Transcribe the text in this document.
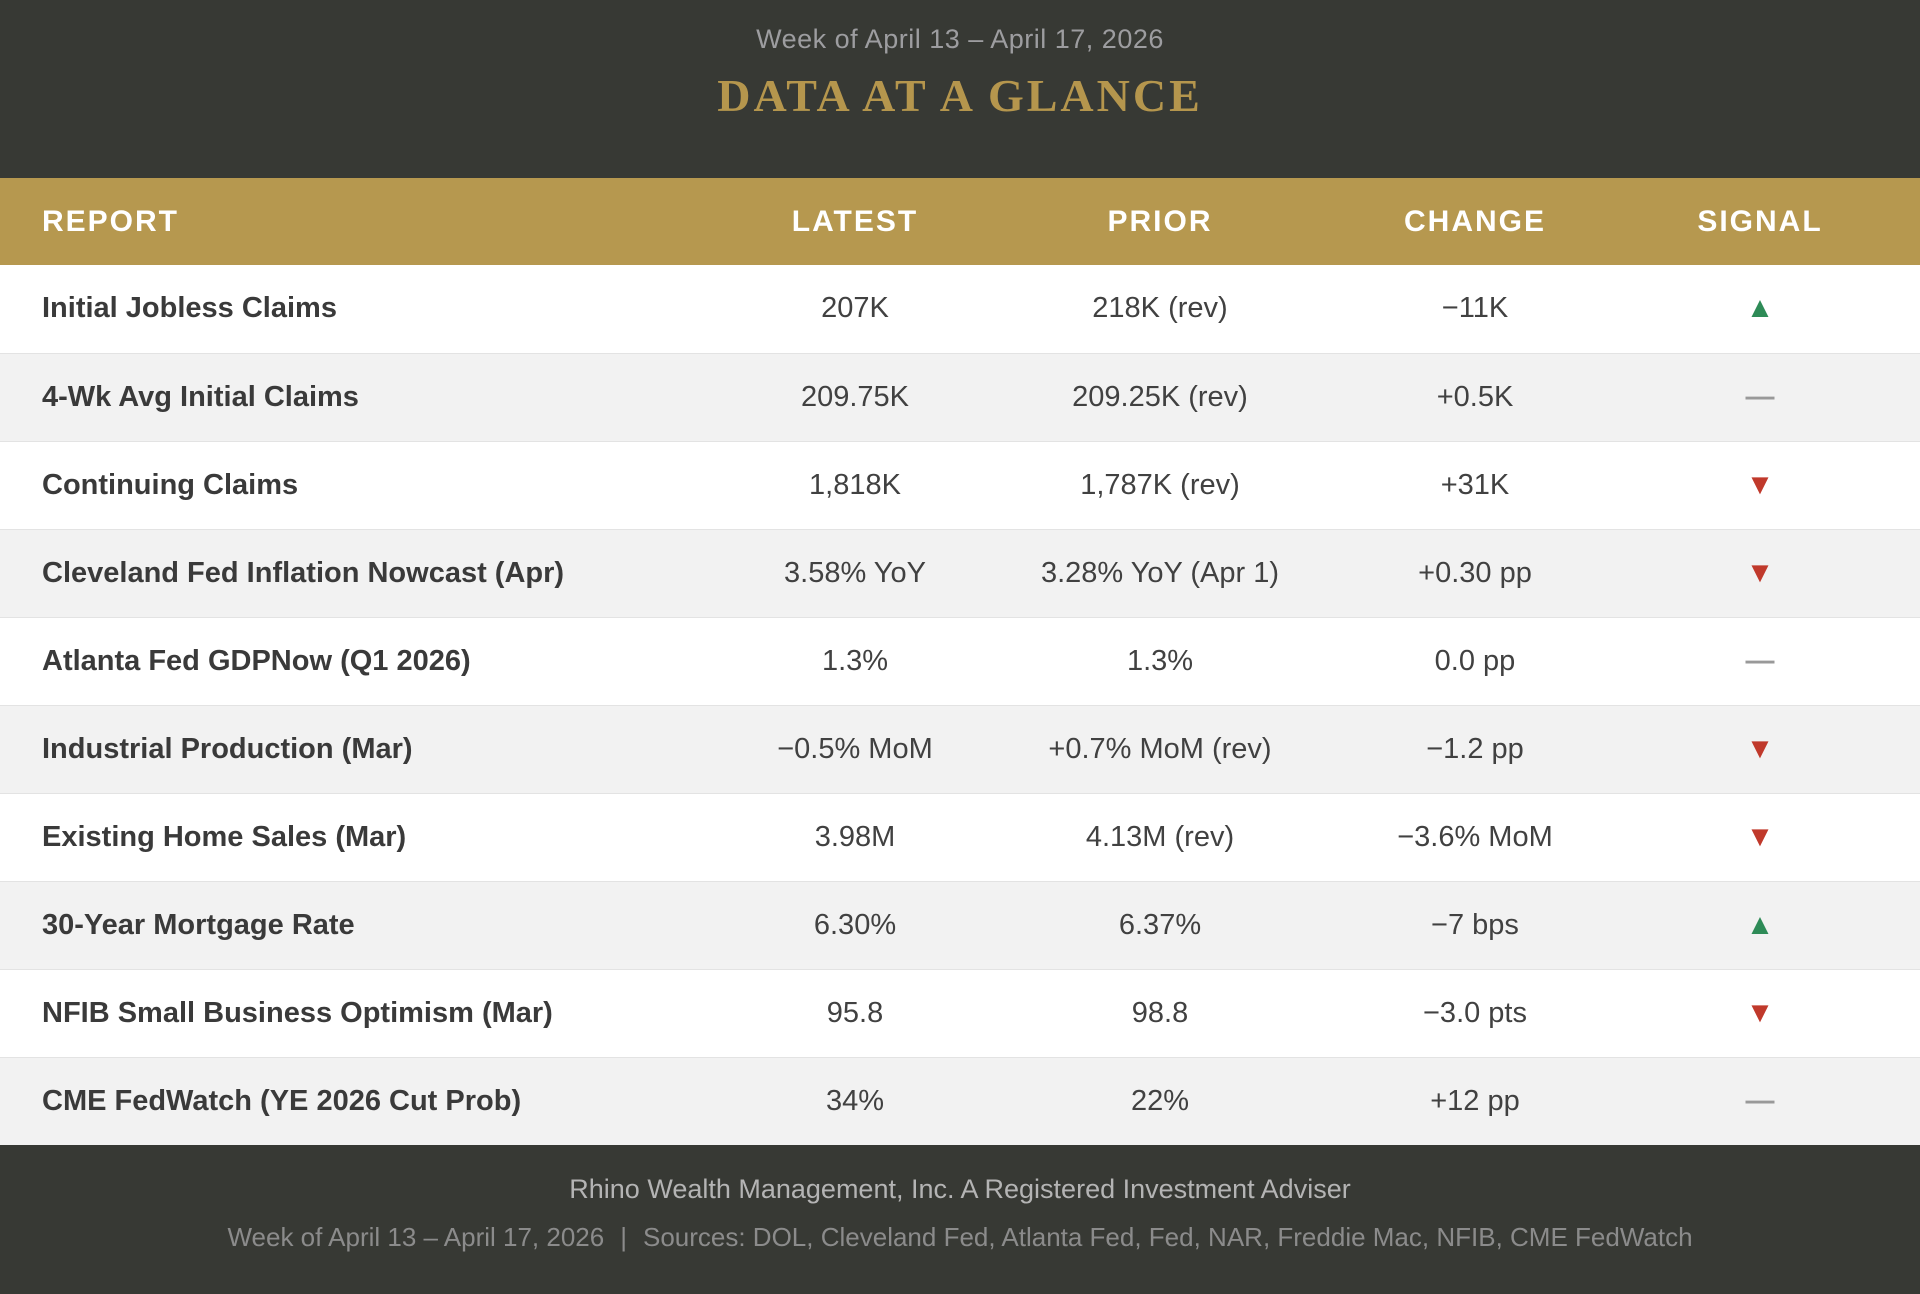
Week of April 13 – April 17, 2026
DATA AT A GLANCE
REPORT	LATEST	PRIOR	CHANGE	SIGNAL
Initial Jobless Claims	207K	218K (rev)	−11K	▲
4-Wk Avg Initial Claims	209.75K	209.25K (rev)	+0.5K	—
Continuing Claims	1,818K	1,787K (rev)	+31K	▼
Cleveland Fed Inflation Nowcast (Apr)	3.58% YoY	3.28% YoY (Apr 1)	+0.30 pp	▼
Atlanta Fed GDPNow (Q1 2026)	1.3%	1.3%	0.0 pp	—
Industrial Production (Mar)	−0.5% MoM	+0.7% MoM (rev)	−1.2 pp	▼
Existing Home Sales (Mar)	3.98M	4.13M (rev)	−3.6% MoM	▼
30-Year Mortgage Rate	6.30%	6.37%	−7 bps	▲
NFIB Small Business Optimism (Mar)	95.8	98.8	−3.0 pts	▼
CME FedWatch (YE 2026 Cut Prob)	34%	22%	+12 pp	—
Rhino Wealth Management, Inc. A Registered Investment Adviser
Week of April 13 – April 17, 2026 | Sources: DOL, Cleveland Fed, Atlanta Fed, Fed, NAR, Freddie Mac, NFIB, CME FedWatch
